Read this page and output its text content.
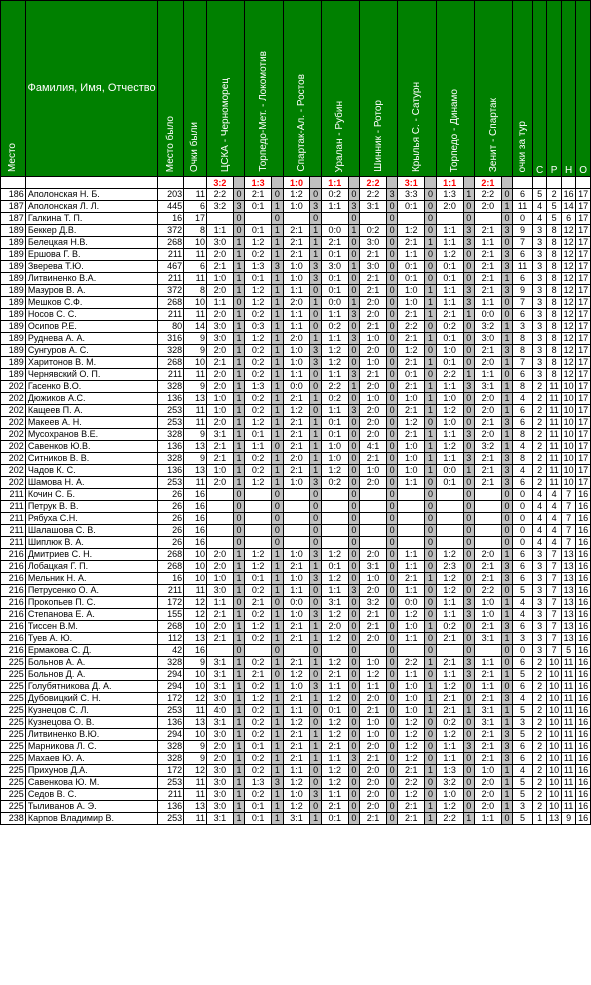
Место	Фамилия, Имя, Отчество	Место было	Очки были	ЦСКА - Черноморец		Торпедо-Мет. - Локомотив		Спартак-Ал. - Ростов		Уралан - Рубин		Шинник - Ротор		Крылья С. - Сатурн		Торпедо - Динамо		Зенит - Спартак		очки за тур	С	Р	Н	О
				3:2		1:3		1:0		1:1		2:2		3:1		1:1		2:1						
186	Аполонская Н. Б.	203	11	2:2	0	2:1	0	1:2	0	0:2	0	2:2	3	3:3	0	1:3	1	2:2	0	6	5	2	16	17
187	Аполонская Л. Л.	445	6	3:2	3	0:1	1	1:0	3	1:1	3	3:1	0	0:1	0	2:0	0	2:0	1	11	4	5	14	17
187	Галкина Т. П.	16	17		0		0		0		0		0		0		0		0	0	4	5	6	17
189	Беккер Д.В.	372	8	1:1	0	0:1	1	2:1	1	0:0	1	0:2	0	1:2	0	1:1	3	2:1	3	9	3	8	12	17
189	Белецкая Н.В.	268	10	3:0	1	1:2	1	2:1	1	2:1	0	3:0	0	2:1	1	1:1	3	1:1	0	7	3	8	12	17
189	Ершова Г. В.	211	11	2:0	1	0:2	1	2:1	1	0:1	0	2:1	0	1:1	0	1:2	0	2:1	3	6	3	8	12	17
189	Зверева Т.Ю.	467	6	2:1	1	1:3	3	1:0	3	3:0	1	3:0	0	0:1	0	0:1	0	2:1	3	11	3	8	12	17
189	Литвиненко В.А.	211	11	1:0	1	0:1	1	1:0	3	0:1	0	2:1	0	0:1	0	0:1	0	2:1	1	6	3	8	12	17
189	Мазуров В. А.	372	8	2:0	1	1:2	1	1:1	0	0:1	0	2:1	0	1:0	1	1:1	3	2:1	3	9	3	8	12	17
189	Мешков С.Ф.	268	10	1:1	0	1:2	1	2:0	1	0:0	1	2:0	0	1:0	1	1:1	3	1:1	0	7	3	8	12	17
189	Носов С. С.	211	11	2:0	1	0:2	1	1:1	0	1:1	3	2:0	0	2:1	1	2:1	1	0:0	0	6	3	8	12	17
189	Осипов Р.Е.	80	14	3:0	1	0:3	1	1:1	0	0:2	0	2:1	0	2:2	0	0:2	0	3:2	1	3	3	8	12	17
189	Руднева А. А.	316	9	3:0	1	1:2	1	2:0	1	1:1	3	1:0	0	2:1	1	0:1	0	3:0	1	8	3	8	12	17
189	Сунгуров А. С.	328	9	2:0	1	0:2	1	1:0	3	1:2	0	2:0	0	1:2	0	1:0	0	2:1	3	8	3	8	12	17
189	Харитонов В. М.	268	10	2:1	1	0:2	1	1:0	3	1:2	0	1:0	0	2:1	1	0:1	0	2:0	1	7	3	8	12	17
189	Чернявский О. П.	211	11	2:0	1	0:2	1	1:1	0	1:1	3	2:1	0	0:1	0	2:2	1	1:1	0	6	3	8	12	17
202	Гасенко В.О.	328	9	2:0	1	1:3	1	0:0	0	2:2	1	2:0	0	2:1	1	1:1	3	3:1	1	8	2	11	10	17
202	Дюжиков А.С.	136	13	1:0	1	0:2	1	2:1	1	0:2	0	1:0	0	1:0	1	1:0	0	2:0	1	4	2	11	10	17
202	Кащеев П. А.	253	11	1:0	1	0:2	1	1:2	0	1:1	3	2:0	0	2:1	1	1:2	0	2:0	1	6	2	11	10	17
202	Макеев А. Н.	253	11	2:0	1	1:2	1	2:1	1	0:1	0	2:0	0	1:2	0	1:0	0	2:1	3	6	2	11	10	17
202	Мусохранов В.Е.	328	9	3:1	1	0:1	1	2:1	1	0:1	0	2:0	0	2:1	1	1:1	3	2:0	1	8	2	11	10	17
202	Савенков Ю.В.	136	13	2:1	1	1:1	0	2:1	1	1:0	0	4:1	0	1:0	1	1:2	0	3:2	1	4	2	11	10	17
202	Ситников В. В.	328	9	2:1	1	0:2	1	2:0	1	1:0	0	2:1	0	1:0	1	1:1	3	2:1	3	8	2	11	10	17
202	Чадов К. С.	136	13	1:0	1	0:2	1	2:1	1	1:2	0	1:0	0	1:0	1	0:0	1	2:1	3	4	2	11	10	17
202	Шамова Н. А.	253	11	2:0	1	1:2	1	1:0	3	0:2	0	2:0	0	1:1	0	0:1	0	2:1	3	6	2	11	10	17
211	Кочин С. Б.	26	16		0		0		0		0		0		0		0		0	0	4	4	7	16
211	Петрук В. В.	26	16		0		0		0		0		0		0		0		0	0	4	4	7	16
211	Рябуха С.Н.	26	16		0		0		0		0		0		0		0		0	0	4	4	7	16
211	Шалашова С. В.	26	16		0		0		0		0		0		0		0		0	0	4	4	7	16
211	Шиплюк В. А.	26	16		0		0		0		0		0		0		0		0	0	4	4	7	16
216	Дмитриев С. Н.	268	10	2:0	1	1:2	1	1:0	3	1:2	0	2:0	0	1:1	0	1:2	0	2:0	1	6	3	7	13	16
216	Лобацкая Г. П.	268	10	2:0	1	1:2	1	2:1	1	0:1	0	3:1	0	1:1	0	2:3	0	2:1	3	6	3	7	13	16
216	Мельник Н. А.	16	10	1:0	1	0:1	1	1:0	3	1:2	0	1:0	0	2:1	1	1:2	0	2:1	3	6	3	7	13	16
216	Петрусенко О. А.	211	11	3:0	1	0:2	1	1:1	0	1:1	3	2:0	0	1:1	0	1:2	0	2:2	0	5	3	7	13	16
216	Прокопьев П. С.	172	12	1:1	0	2:1	0	0:0	0	3:1	0	3:2	0	0:0	0	1:1	3	1:0	1	4	3	7	13	16
216	Степанова Е. А.	155	12	2:1	1	0:2	1	1:0	3	1:2	0	2:1	0	1:2	0	1:1	3	1:0	1	4	3	7	13	16
216	Тиссен В.М.	268	10	2:0	1	1:2	1	2:1	1	2:0	0	2:1	0	1:0	1	0:2	0	2:1	3	6	3	7	13	16
216	Туев А. Ю.	112	13	2:1	1	0:2	1	2:1	1	1:2	0	2:0	0	1:1	0	2:1	0	3:1	1	3	3	7	13	16
216	Ермакова С. Д.	42	16		0		0		0		0		0		0		0		0	0	3	7	5	16
225	Больнов А. А.	328	9	3:1	1	0:2	1	2:1	1	1:2	0	1:0	0	2:2	1	2:1	3	1:1	0	6	2	10	11	16
225	Больнов Д. А.	294	10	3:1	1	2:1	0	1:2	0	2:1	0	1:2	0	1:1	0	1:1	3	2:1	1	5	2	10	11	16
225	Голубятникова Д. А.	294	10	3:1	1	0:2	1	1:0	3	1:1	0	1:1	0	1:0	1	1:2	0	1:1	0	6	2	10	11	16
225	Дубовицкий С. Н.	172	12	3:0	1	1:2	1	2:1	1	1:2	0	2:0	0	1:0	1	2:1	0	2:1	3	4	2	10	11	16
225	Кузнецов С. Л.	253	11	4:0	1	0:2	1	1:1	0	0:1	0	2:1	0	1:0	1	2:1	1	3:1	1	5	2	10	11	16
225	Кузнецова О. В.	136	13	3:1	1	0:2	1	1:2	0	1:2	0	1:0	0	1:2	0	0:2	0	3:1	1	3	2	10	11	16
225	Литвиненко В.Ю.	294	10	3:0	1	0:2	1	2:1	1	1:2	0	1:0	0	1:2	0	1:2	0	2:1	3	5	2	10	11	16
225	Марникова Л. С.	328	9	2:0	1	0:1	1	2:1	1	2:1	0	2:0	0	1:2	0	1:1	3	2:1	3	6	2	10	11	16
225	Махаев Ю. А.	328	9	2:0	1	0:2	1	2:1	1	1:1	3	2:1	0	1:2	0	1:1	0	2:1	3	6	2	10	11	16
225	Прихунов Д.А.	172	12	3:0	1	0:2	1	1:1	0	1:2	0	2:0	0	2:1	1	1:3	0	1:0	1	4	2	10	11	16
225	Савенкова Ю. М.	253	11	3:0	1	1:3	3	1:2	0	1:2	0	2:0	0	2:2	0	3:2	0	2:0	1	5	2	10	11	16
225	Седов В. С.	211	11	3:0	1	0:2	1	1:0	3	1:1	0	2:0	0	1:2	0	1:0	0	2:0	1	5	2	10	11	16
225	Тыливанов А. Э.	136	13	3:0	1	0:1	1	1:2	0	2:1	0	2:0	0	2:1	1	1:2	0	2:0	1	3	2	10	11	16
238	Карпов Владимир В.	253	11	3:1	1	0:1	1	3:1	1	0:1	0	2:1	0	2:1	1	2:2	1	1:1	0	5	1	13	9	16
